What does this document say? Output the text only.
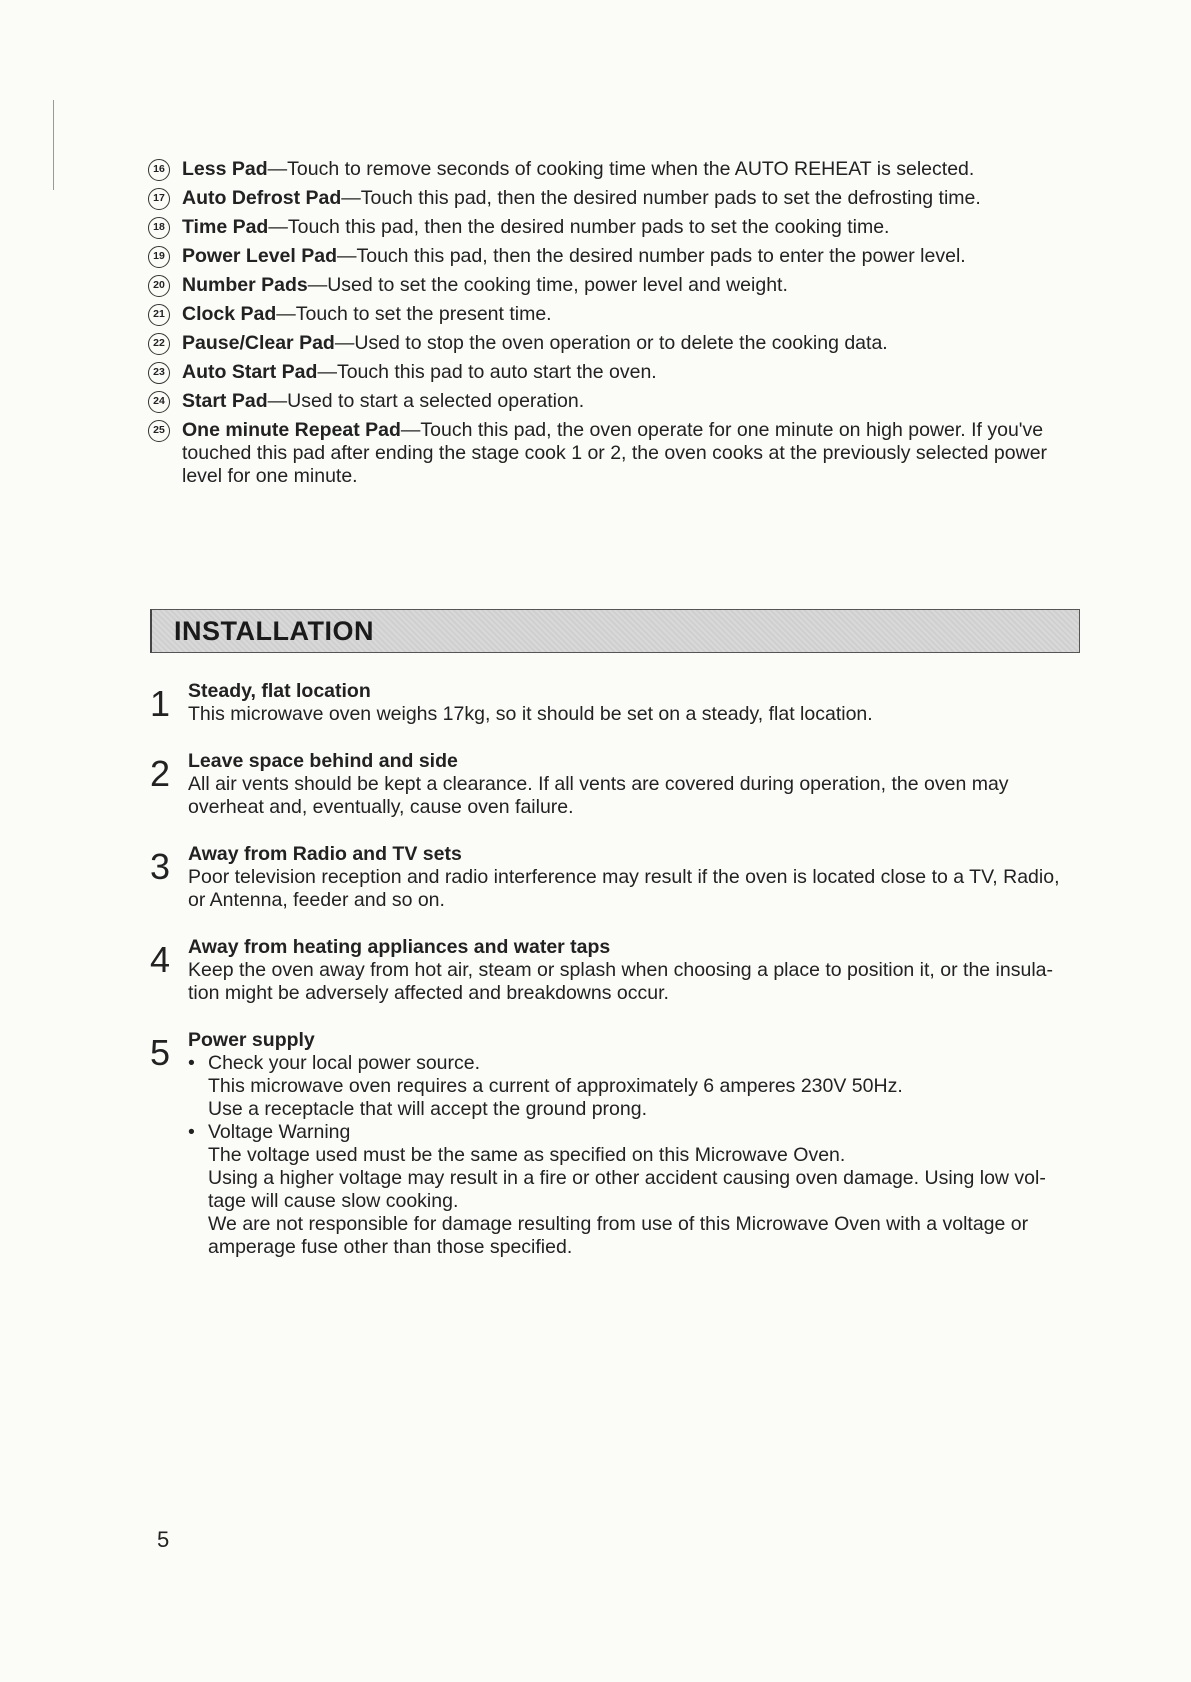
16 Less Pad—Touch to remove seconds of cooking time when the AUTO REHEAT is selected.
17 Auto Defrost Pad—Touch this pad, then the desired number pads to set the defrosting time.
18 Time Pad—Touch this pad, then the desired number pads to set the cooking time.
19 Power Level Pad—Touch this pad, then the desired number pads to enter the power level.
20 Number Pads—Used to set the cooking time, power level and weight.
21 Clock Pad—Touch to set the present time.
22 Pause/Clear Pad—Used to stop the oven operation or to delete the cooking data.
23 Auto Start Pad—Touch this pad to auto start the oven.
24 Start Pad—Used to start a selected operation.
25 One minute Repeat Pad—Touch this pad, the oven operate for one minute on high power. If you've touched this pad after ending the stage cook 1 or 2, the oven cooks at the previously selected power level for one minute.
INSTALLATION
1 Steady, flat location
This microwave oven weighs 17kg, so it should be set on a steady, flat location.
2 Leave space behind and side
All air vents should be kept a clearance. If all vents are covered during operation, the oven may overheat and, eventually, cause oven failure.
3 Away from Radio and TV sets
Poor television reception and radio interference may result if the oven is located close to a TV, Radio, or Antenna, feeder and so on.
4 Away from heating appliances and water taps
Keep the oven away from hot air, steam or splash when choosing a place to position it, or the insula-tion might be adversely affected and breakdowns occur.
5 Power supply
• Check your local power source.
This microwave oven requires a current of approximately 6 amperes 230V 50Hz.
Use a receptacle that will accept the ground prong.
• Voltage Warning
The voltage used must be the same as specified on this Microwave Oven.
Using a higher voltage may result in a fire or other accident causing oven damage. Using low vol-tage will cause slow cooking.
We are not responsible for damage resulting from use of this Microwave Oven with a voltage or amperage fuse other than those specified.
5
